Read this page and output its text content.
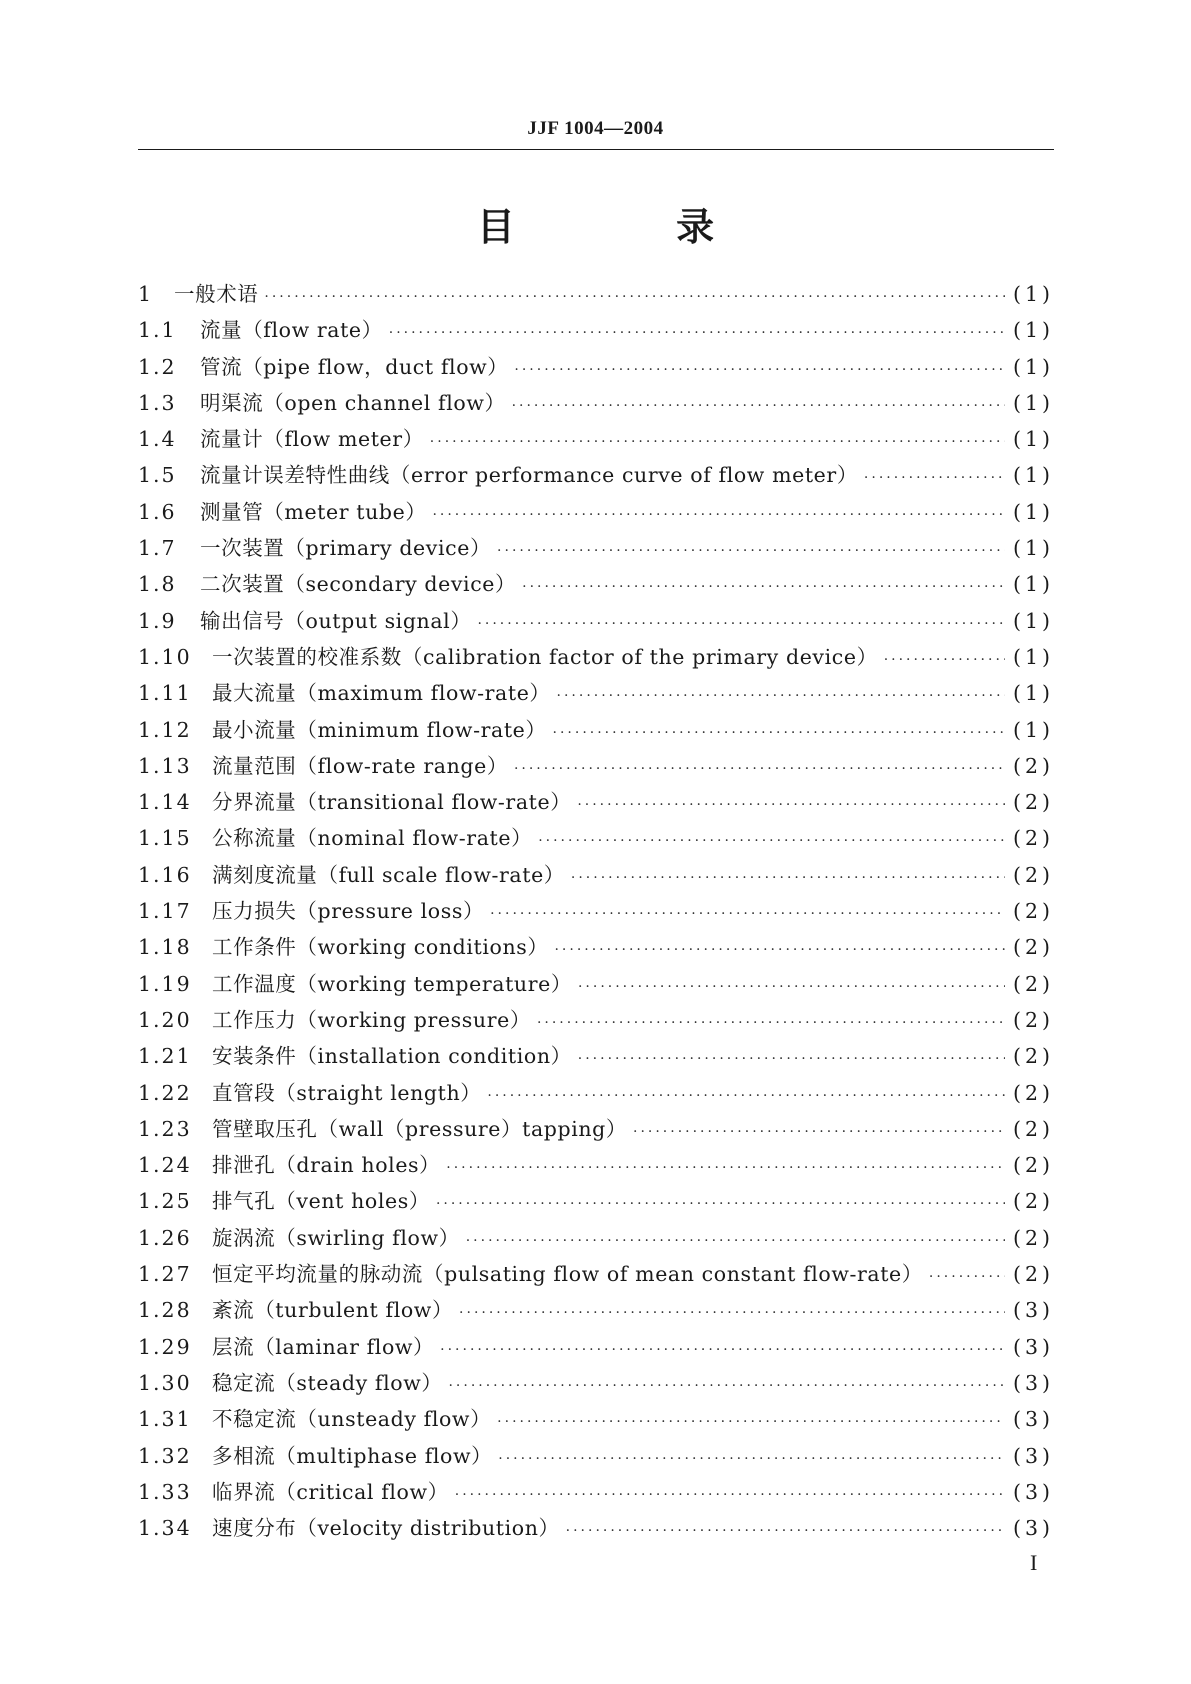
JJF 1004—2004
目 录
1	一般术语 ·····	(1)
1.1	流量（flow rate） ·····	(1)
1.2	管流（pipe flow，duct flow） ·····	(1)
1.3	明渠流（open channel flow） ·····	(1)
1.4	流量计（flow meter） ·····	(1)
1.5	流量计误差特性曲线（error performance curve of flow meter） ·····	(1)
1.6	测量管（meter tube） ·····	(1)
1.7	一次装置（primary device） ·····	(1)
1.8	二次装置（secondary device） ·····	(1)
1.9	输出信号（output signal） ·····	(1)
1.10 一次装置的校准系数（calibration factor of the primary device） ·····	(1)
1.11 最大流量（maximum flow-rate） ·····	(1)
1.12 最小流量（minimum flow-rate） ·····	(1)
1.13 流量范围（flow-rate range） ·····	(2)
1.14 分界流量（transitional flow-rate） ·····	(2)
1.15 公称流量（nominal flow-rate） ·····	(2)
1.16 满刻度流量（full scale flow-rate） ·····	(2)
1.17 压力损失（pressure loss） ·····	(2)
1.18 工作条件（working conditions） ·····	(2)
1.19 工作温度（working temperature） ·····	(2)
1.20 工作压力（working pressure） ·····	(2)
1.21 安装条件（installation condition） ·····	(2)
1.22 直管段（straight length） ·····	(2)
1.23 管壁取压孔（wall（pressure）tapping） ·····	(2)
1.24 排泄孔（drain holes） ·····	(2)
1.25 排气孔（vent holes） ·····	(2)
1.26 旋涡流（swirling flow） ·····	(2)
1.27 恒定平均流量的脉动流（pulsating flow of mean constant flow-rate） ·····	(2)
1.28 紊流（turbulent flow） ·····	(3)
1.29 层流（laminar flow） ·····	(3)
1.30 稳定流（steady flow） ·····	(3)
1.31 不稳定流（unsteady flow） ·····	(3)
1.32 多相流（multiphase flow） ·····	(3)
1.33 临界流（critical flow） ·····	(3)
1.34 速度分布（velocity distribution） ·····	(3)
I
